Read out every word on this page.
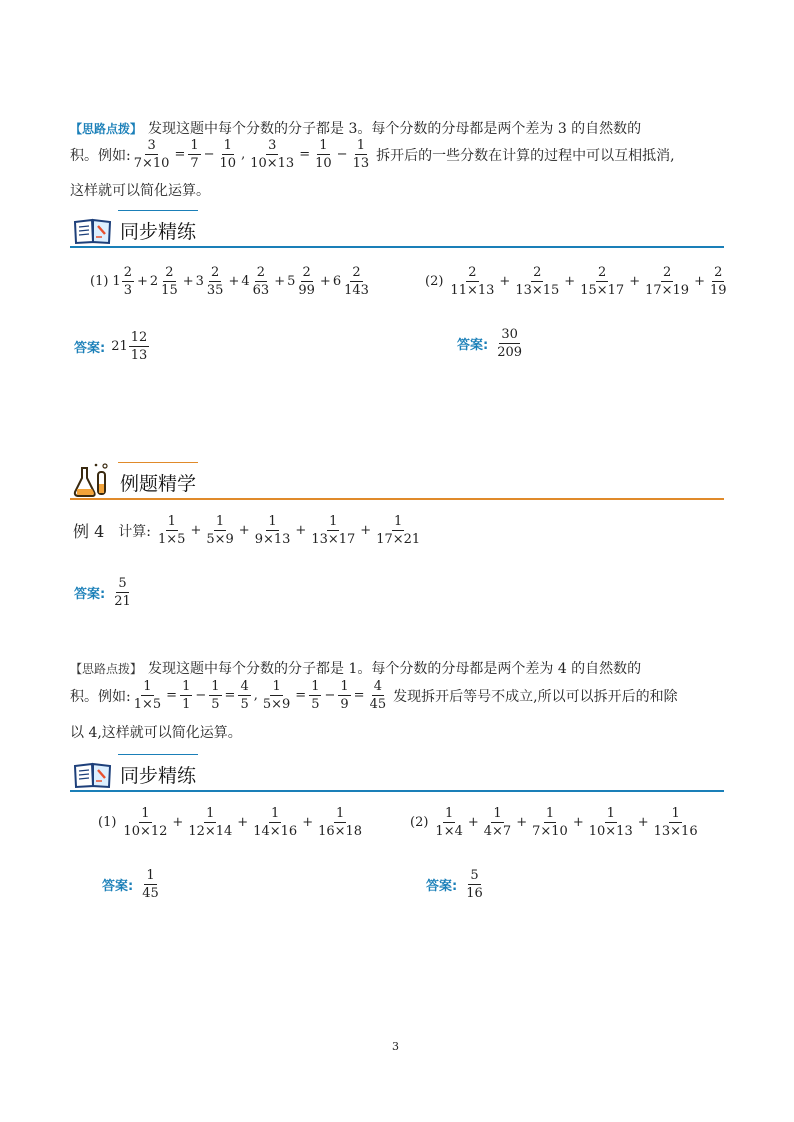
【思路点拨】 发现这题中每个分数的分子都是 3。每个分数的分母都是两个差为 3 的自然数的
积。例如: $\frac{3}{7\times 10} = \frac{1}{7} - \frac{1}{10}$ , $\frac{3}{10\times 13} = \frac{1}{10} - \frac{1}{13}$ 拆开后的一些分数在计算的过程中可以互相抵消,
这样就可以简化运算。
同步精练
(1) $1 \frac{2}{3} + 2 \frac{2}{15} + 3 \frac{2}{35} + 4 \frac{2}{63} + 5 \frac{2}{99} + 6 \frac{2}{143}$
答案: $21 \frac{12}{13}$
$(2) \frac{2}{11\times 13} + \frac{2}{13\times 15} + \frac{2}{15\times 17} + \frac{2}{17\times 19} + \frac{2}{19}$
答案: $\frac{30}{209}$
例题精学
例 4 计算: $\frac{1}{1\times 5} + \frac{1}{5\times 9} + \frac{1}{9\times 13} + \frac{1}{13\times 17} + \frac{1}{17\times 21}$
答案: $\frac{5}{21}$
【思路点拨】 发现这题中每个分数的分子都是 1。每个分数的分母都是两个差为 4 的自然数的
积。例如: $\frac{1}{1\times 5} = \frac{1}{1} - \frac{1}{5} = \frac{4}{5}$ , $\frac{1}{5\times 9} = \frac{1}{5} - \frac{1}{9} = \frac{4}{45}$ 发现拆开后等号不成立,所以可以拆开后的和除
以 4,这样就可以简化运算。
同步精练
$(1) \frac{1}{10\times 12} + \frac{1}{12\times 14} + \frac{1}{14\times 16} + \frac{1}{16\times 18}$
答案: $\frac{1}{45}$
$(2) \frac{1}{1\times 4} + \frac{1}{4\times 7} + \frac{1}{7\times 10} + \frac{1}{10\times 13} + \frac{1}{13\times 16}$
答案: $\frac{5}{16}$
3
